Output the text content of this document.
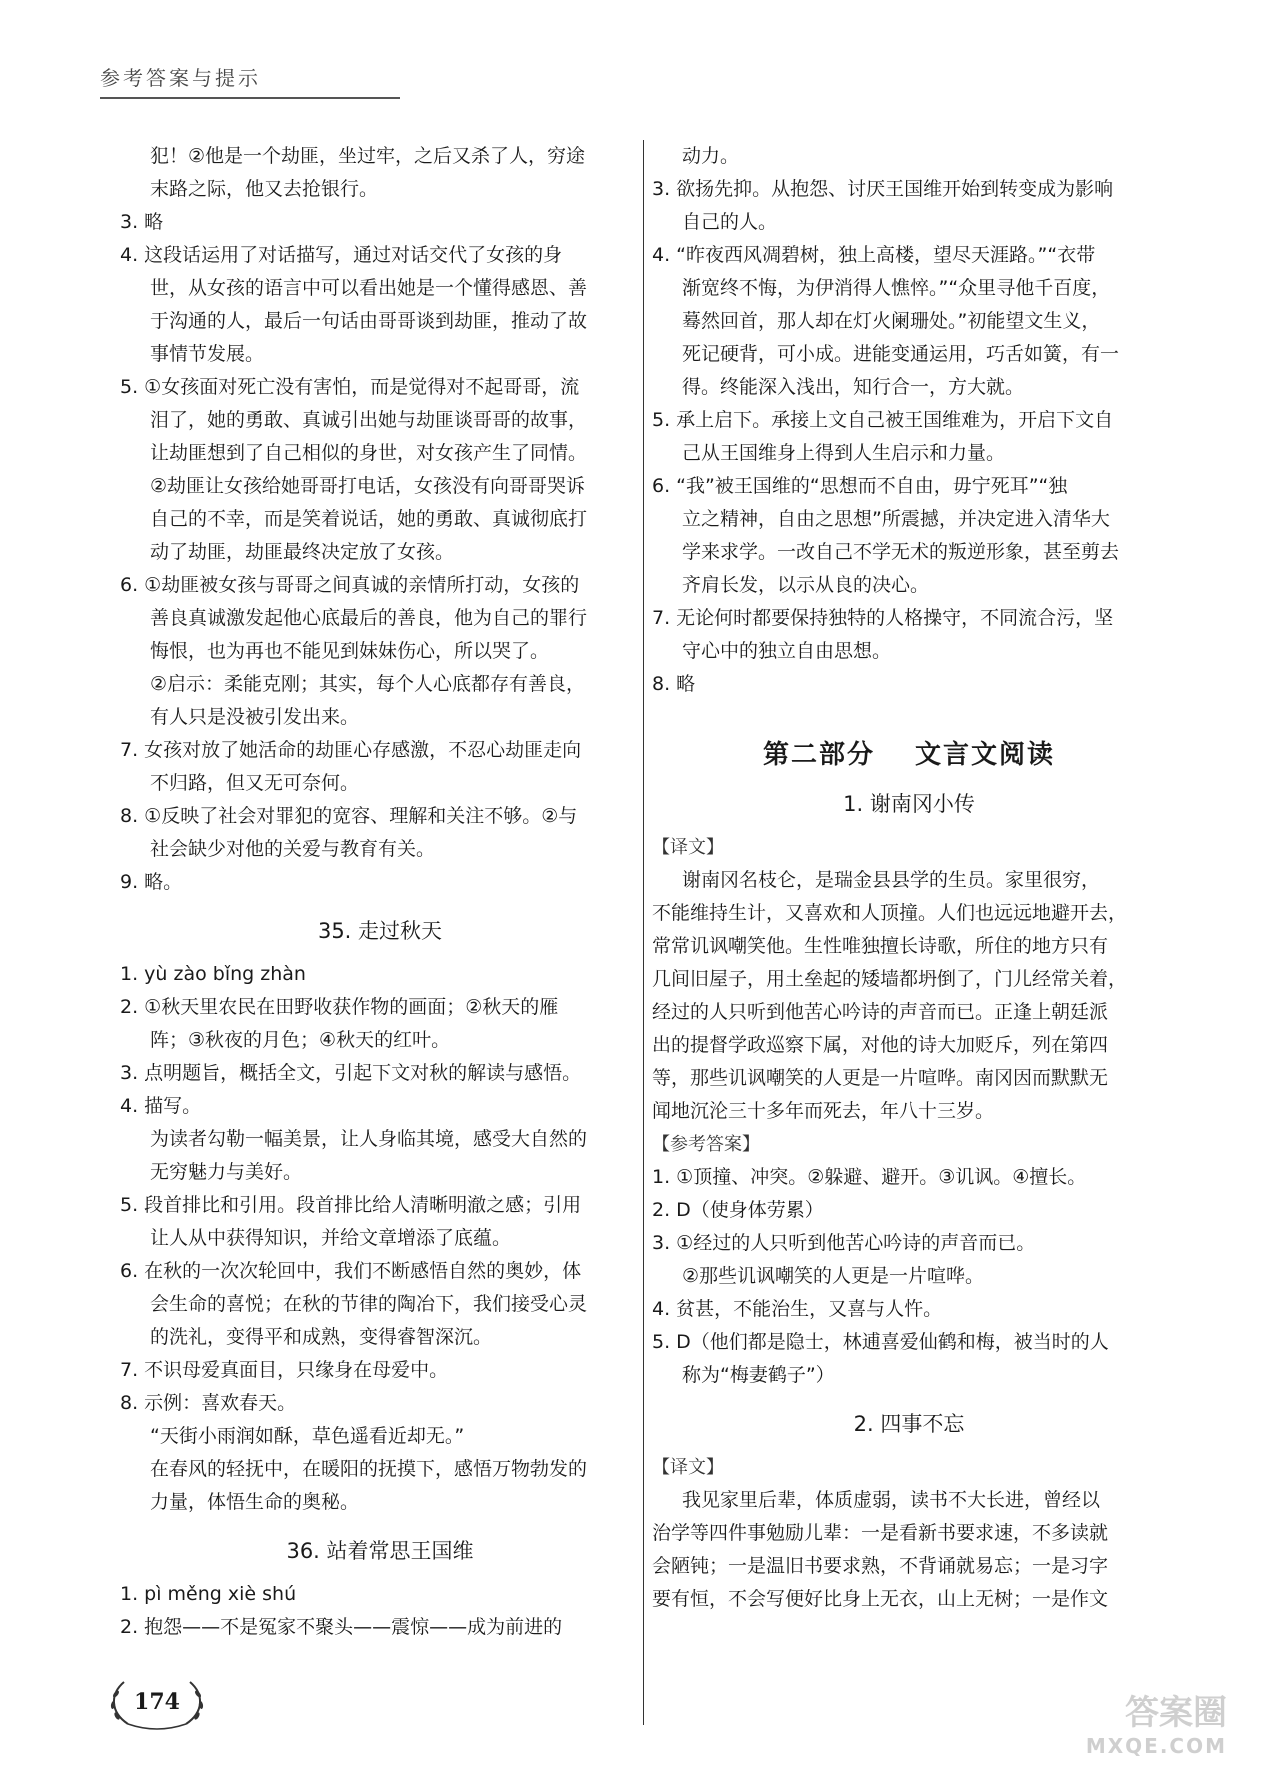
参考答案与提示
犯！②他是一个劫匪，坐过牢，之后又杀了人，穷途
末路之际，他又去抢银行。
3. 略
4. 这段话运用了对话描写，通过对话交代了女孩的身
世，从女孩的语言中可以看出她是一个懂得感恩、善
于沟通的人，最后一句话由哥哥谈到劫匪，推动了故
事情节发展。
5. ①女孩面对死亡没有害怕，而是觉得对不起哥哥，流
泪了，她的勇敢、真诚引出她与劫匪谈哥哥的故事，
让劫匪想到了自己相似的身世，对女孩产生了同情。
②劫匪让女孩给她哥哥打电话，女孩没有向哥哥哭诉
自己的不幸，而是笑着说话，她的勇敢、真诚彻底打
动了劫匪，劫匪最终决定放了女孩。
6. ①劫匪被女孩与哥哥之间真诚的亲情所打动，女孩的
善良真诚激发起他心底最后的善良，他为自己的罪行
悔恨，也为再也不能见到妹妹伤心，所以哭了。
②启示：柔能克刚；其实，每个人心底都存有善良，
有人只是没被引发出来。
7. 女孩对放了她活命的劫匪心存感激，不忍心劫匪走向
不归路，但又无可奈何。
8. ①反映了社会对罪犯的宽容、理解和关注不够。②与
社会缺少对他的关爱与教育有关。
9. 略。
35. 走过秋天
1. yù zào bǐng zhàn
2. ①秋天里农民在田野收获作物的画面；②秋天的雁
阵；③秋夜的月色；④秋天的红叶。
3. 点明题旨，概括全文，引起下文对秋的解读与感悟。
4. 描写。
为读者勾勒一幅美景，让人身临其境，感受大自然的
无穷魅力与美好。
5. 段首排比和引用。段首排比给人清晰明澈之感；引用
让人从中获得知识，并给文章增添了底蕴。
6. 在秋的一次次轮回中，我们不断感悟自然的奥妙，体
会生命的喜悦；在秋的节律的陶冶下，我们接受心灵
的洗礼，变得平和成熟，变得睿智深沉。
7. 不识母爱真面目，只缘身在母爱中。
8. 示例：喜欢春天。
“天街小雨润如酥，草色遥看近却无。”
在春风的轻抚中，在暖阳的抚摸下，感悟万物勃发的
力量，体悟生命的奥秘。
36. 站着常思王国维
1. pì měng xiè shú
2. 抱怨——不是冤家不聚头——震惊——成为前进的
动力。
3. 欲扬先抑。从抱怨、讨厌王国维开始到转变成为影响
自己的人。
4. “昨夜西风凋碧树，独上高楼，望尽天涯路。”“衣带
渐宽终不悔，为伊消得人憔悴。”“众里寻他千百度，
蓦然回首，那人却在灯火阑珊处。”初能望文生义，
死记硬背，可小成。进能变通运用，巧舌如簧，有一
得。终能深入浅出，知行合一，方大就。
5. 承上启下。承接上文自己被王国维难为，开启下文自
己从王国维身上得到人生启示和力量。
6. “我”被王国维的“思想而不自由，毋宁死耳”“独
立之精神，自由之思想”所震撼，并决定进入清华大
学来求学。一改自己不学无术的叛逆形象，甚至剪去
齐肩长发，以示从良的决心。
7. 无论何时都要保持独特的人格操守，不同流合污，坚
守心中的独立自由思想。
8. 略
第二部分 文言文阅读
1. 谢南冈小传
【译文】
谢南冈名枝仑，是瑞金县县学的生员。家里很穷，
不能维持生计，又喜欢和人顶撞。人们也远远地避开去，
常常讥讽嘲笑他。生性唯独擅长诗歌，所住的地方只有
几间旧屋子，用土垒起的矮墙都坍倒了，门儿经常关着，
经过的人只听到他苦心吟诗的声音而已。正逢上朝廷派
出的提督学政巡察下属，对他的诗大加贬斥，列在第四
等，那些讥讽嘲笑的人更是一片喧哗。南冈因而默默无
闻地沉沦三十多年而死去，年八十三岁。
【参考答案】
1. ①顶撞、冲突。②躲避、避开。③讥讽。④擅长。
2. D（使身体劳累）
3. ①经过的人只听到他苦心吟诗的声音而已。
②那些讥讽嘲笑的人更是一片喧哗。
4. 贫甚，不能治生，又喜与人忤。
5. D（他们都是隐士，林逋喜爱仙鹤和梅，被当时的人
称为“梅妻鹤子”）
2. 四事不忘
【译文】
我见家里后辈，体质虚弱，读书不大长进，曾经以
治学等四件事勉励儿辈：一是看新书要求速，不多读就
会陋钝；一是温旧书要求熟，不背诵就易忘；一是习字
要有恒，不会写便好比身上无衣，山上无树；一是作文
174	答案圈
MXQE.COM
